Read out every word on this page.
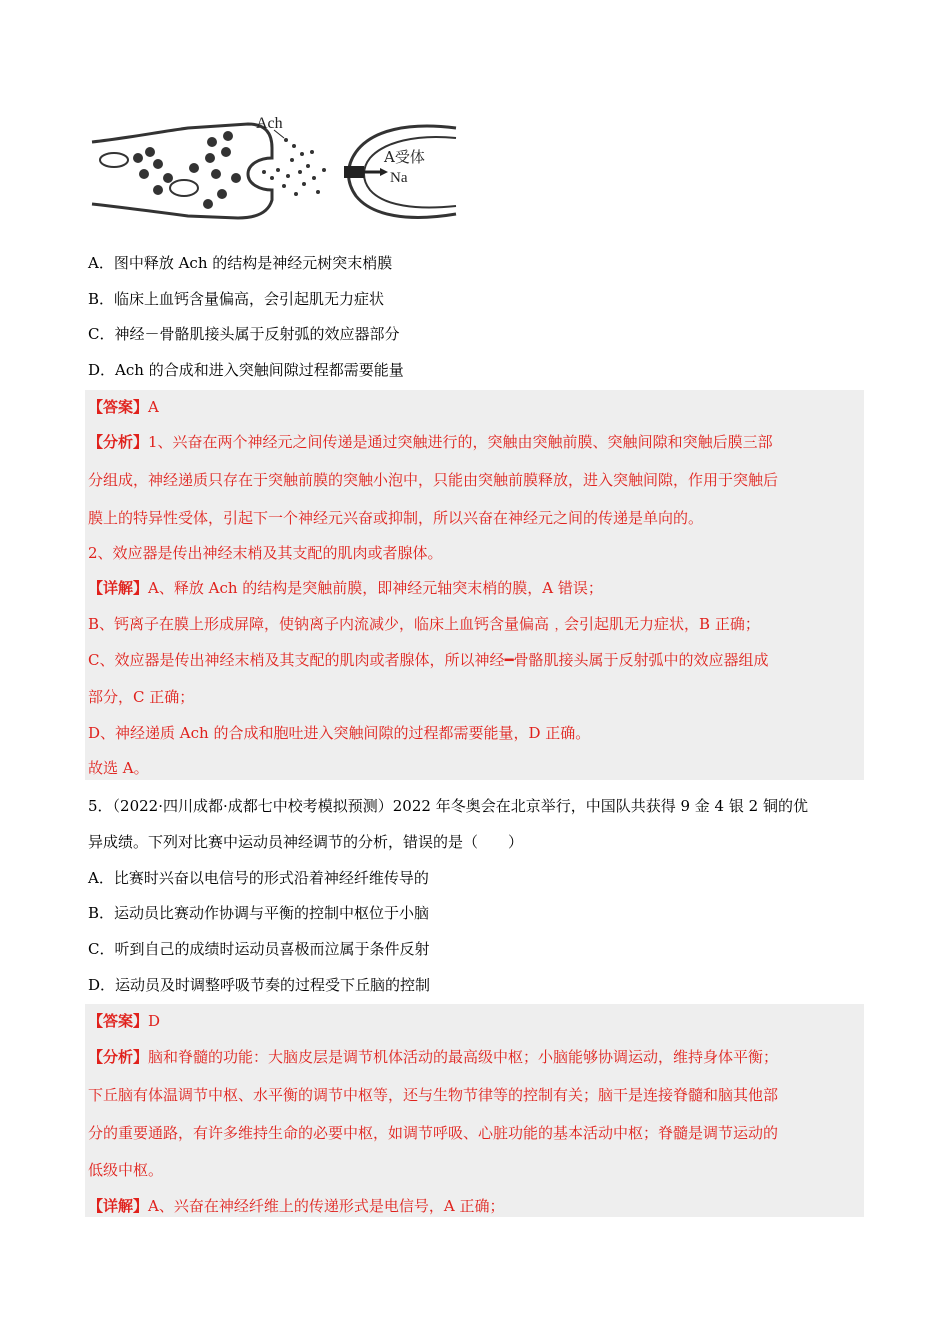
Ach
A受体
Na
A．图中释放 Ach 的结构是神经元树突末梢膜
B．临床上血钙含量偏高，会引起肌无力症状
C．神经－骨骼肌接头属于反射弧的效应器部分
D．Ach 的合成和进入突触间隙过程都需要能量
【答案】A
【分析】1、兴奋在两个神经元之间传递是通过突触进行的，突触由突触前膜、突触间隙和突触后膜三部
分组成，神经递质只存在于突触前膜的突触小泡中，只能由突触前膜释放，进入突触间隙，作用于突触后
膜上的特异性受体，引起下一个神经元兴奋或抑制，所以兴奋在神经元之间的传递是单向的。
2、效应器是传出神经末梢及其支配的肌肉或者腺体。
【详解】A、释放 Ach 的结构是突触前膜，即神经元轴突末梢的膜，A 错误；
B、钙离子在膜上形成屏障，使钠离子内流减少，临床上血钙含量偏高﹐会引起肌无力症状，B 正确；
C、效应器是传出神经末梢及其支配的肌肉或者腺体，所以神经━骨骼肌接头属于反射弧中的效应器组成
部分，C 正确；
D、神经递质 Ach 的合成和胞吐进入突触间隙的过程都需要能量，D 正确。
故选 A。
5．（2022·四川成都·成都七中校考模拟预测）2022 年冬奥会在北京举行，中国队共获得 9 金 4 银 2 铜的优
异成绩。下列对比赛中运动员神经调节的分析，错误的是（　　）
A．比赛时兴奋以电信号的形式沿着神经纤维传导的
B．运动员比赛动作协调与平衡的控制中枢位于小脑
C．听到自己的成绩时运动员喜极而泣属于条件反射
D．运动员及时调整呼吸节奏的过程受下丘脑的控制
【答案】D
【分析】脑和脊髓的功能：大脑皮层是调节机体活动的最高级中枢；小脑能够协调运动，维持身体平衡；
下丘脑有体温调节中枢、水平衡的调节中枢等，还与生物节律等的控制有关；脑干是连接脊髓和脑其他部
分的重要通路，有许多维持生命的必要中枢，如调节呼吸、心脏功能的基本活动中枢；脊髓是调节运动的
低级中枢。
【详解】A、兴奋在神经纤维上的传递形式是电信号，A 正确；
